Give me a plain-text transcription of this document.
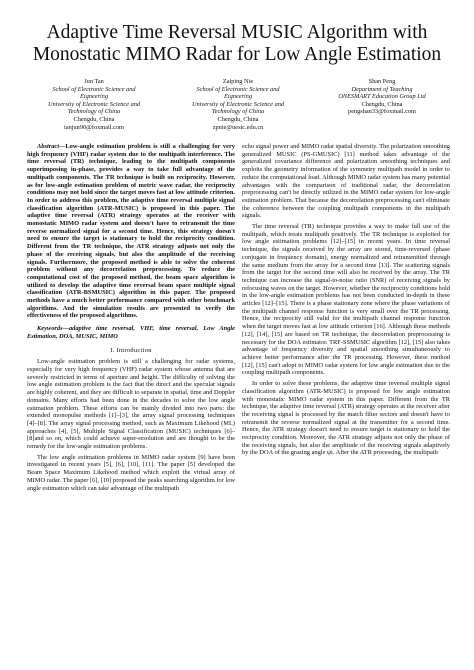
Adaptive Time Reversal MUSIC Algorithm with Monostatic MIMO Radar for Low Angle Estimation
Jun Tan
School of Electronic Science and
Eigneering
University of Electronic Science and
Technology of China
Chengdu, China
tanjun90@foxmail.com
Zaiping Nie
School of Electronic Science and
Eigneering
University of Electronic Science and
Technology of China
Chengdu, China
zpnie@uestc.edu.cn
Shan Peng
Department of Teaching
ONESMART Education Group Ltd
Chengdu, China
pengshan33@foxmail.com

Abstract—Low-angle estimation problem is still a challenging for very high frequency (VHF) radar system due to the multipath interference. The time reversal (TR) technique, leading to the multipath components superimposing in-phase, provides a way to take full advantage of the multipath components. The TR technique is built on reciprocity. However, as for low-angle estimation problem of metric wave radar, the reciprocity conditions may not hold since the target moves fast at low attitude criterion. In order to address this problem, the adaptive time reversal multiple signal classification algorithm (ATR-MUSIC) is proposed in this paper. The adaptive time reversal (ATR) strategy operates at the receiver with monostatic MIMO radar system and doesn't have to retransmit the time reverse normalized signal for a second time. Hence, this strategy doesn't need to ensure the target is stationary to hold the reciprocity condition. Different from the TR technique, the ATR strategy adjusts not only the phase of the receiving signals, but also the amplitude of the receiving signals. Furthermore, the proposed method is able to solve the coherent problem without any decorrelation preprocessing. To reduce the computational cost of the proposed method, the beam space algorithm is utilized to develop the adaptive time reversal beam space multiple signal classification (ATR-BSMUSIC) algorithm in this paper. The proposed methods have a much better performance compared with other benchmark algorithms. And the simulation results are presented to verify the effectiveness of the proposed algorithms.

Keywords—adaptive time reversal, VHF, time reversal, Low Angle Estimation, DOA, MUSIC, MIMO

I. Introduction

Low-angle estimation problem is still a challenging for radar systems, especially for very high frequency (VHF) radar system whose antenna that are severely restricted in terms of aperture and height. The difficulty of solving the low angle estimation problem is the fact that the direct and the specular signals are highly coherent, and they are difficult to separate in spatial, time and Doppler domains. Many efforts had been done in the decades to solve the low angle estimation problem. These efforts can be mainly divided into two parts: the extended monopulse methods [1]–[3], the array signal processing techniques [4]–[8]. The array signal processing method, such as Maximum Likehood (ML) approaches [4], [5], Multiple Signal Classification (MUSIC) techniques [6]–[8]and so on, which could achieve super-resolution and are thought to be the remedy for the low-angle estimation problems.

The low angle estimation problems in MIMO radar system [9] have been investigated in recent years [5], [6], [10], [11]. The paper [5] developed the Beam Space Maximum Likehood method which exploit the virtual array of MIMO radar. The paper [6], [10] proposed the peaks searching algorithm for low angle estimation which can take advantage of the multipath

echo signal power and MIMO radar spatial diversity. The polarization smoothing generalized MUSIC (PS-GMUSIC) [11] method takes advantage of the generalized covariance difference and polarization smoothing techniques and exploits the geometry information of the symmetry multipath model in order to reduce the computational load. Although MIMO radar system has many potential advantages with the comparison of traditional radar, the decorrelation preprocessing can't be directly utilized in the MIMO radar system for low-angle estimation problem. That because the decorrelation preprocessing can't eliminate the coherence between the coupling multipath components in the multipath signals.

The time reversal (TR) technique provides a way to make full use of the multipath, which treats multipath positively. The TR technique is exploited for low angle estimation problems [12]–[15] in recent years. In time reversal technique, the signals received by the array are stored, time-reversed (phase conjugate in frequency domain), energy normalized and retransmitted through the same medium from the array for a second time [13]. The scattering signals from the target for the second time will also be received by the array. The TR technique can increase the signal-to-noise ratio (SNR) of receiving signals by refocusing waves on the target. However, whether the reciprocity conditions hold in the low-angle estimation problems has not been conducted in-depth in these articles [12]–[15]. There is a phase stationary zone where the phase variations of the multipath channel response function is very small over the TR processing. Hence, the reciprocity still valid for the multipath channel response function when the target moves fast at low attitude criterion [16]. Although these methods [12], [14], [15] are based on TR technique, the decorrelation preprocessing is necessary for the DOA estimator. TRF-SSMUSIC algorithm [12], [15] also takes advantage of frequency diversity and spatial smoothing simultaneously to achieve better performance after the TR processing. However, these method [12], [15] can't adopt to MIMO radar system for low angle estimation due to the coupling multipath components.

In order to solve these problems, the adaptive time reversal multiple signal classification algorithm (ATR-MUSIC) is proposed for low angle estimation with monostatic MIMO radar system in this paper. Different from the TR technique, the adaptive time reversal (ATR) strategy operates at the receiver after the receiving signal is processed by the match filter sectors and doesn't have to retransmit the reverse normalized signal at the transmitter for a second time. Hence, the ATR strategy doesn't need to ensure target is stationary to hold the reciprocity condition. Moreover, the ATR strategy adjusts not only the phase of the receiving signals, but also the amplitude of the receiving signals adaptively by the DOA of the grazing angle ψi. After the ATR processing, the multipath
